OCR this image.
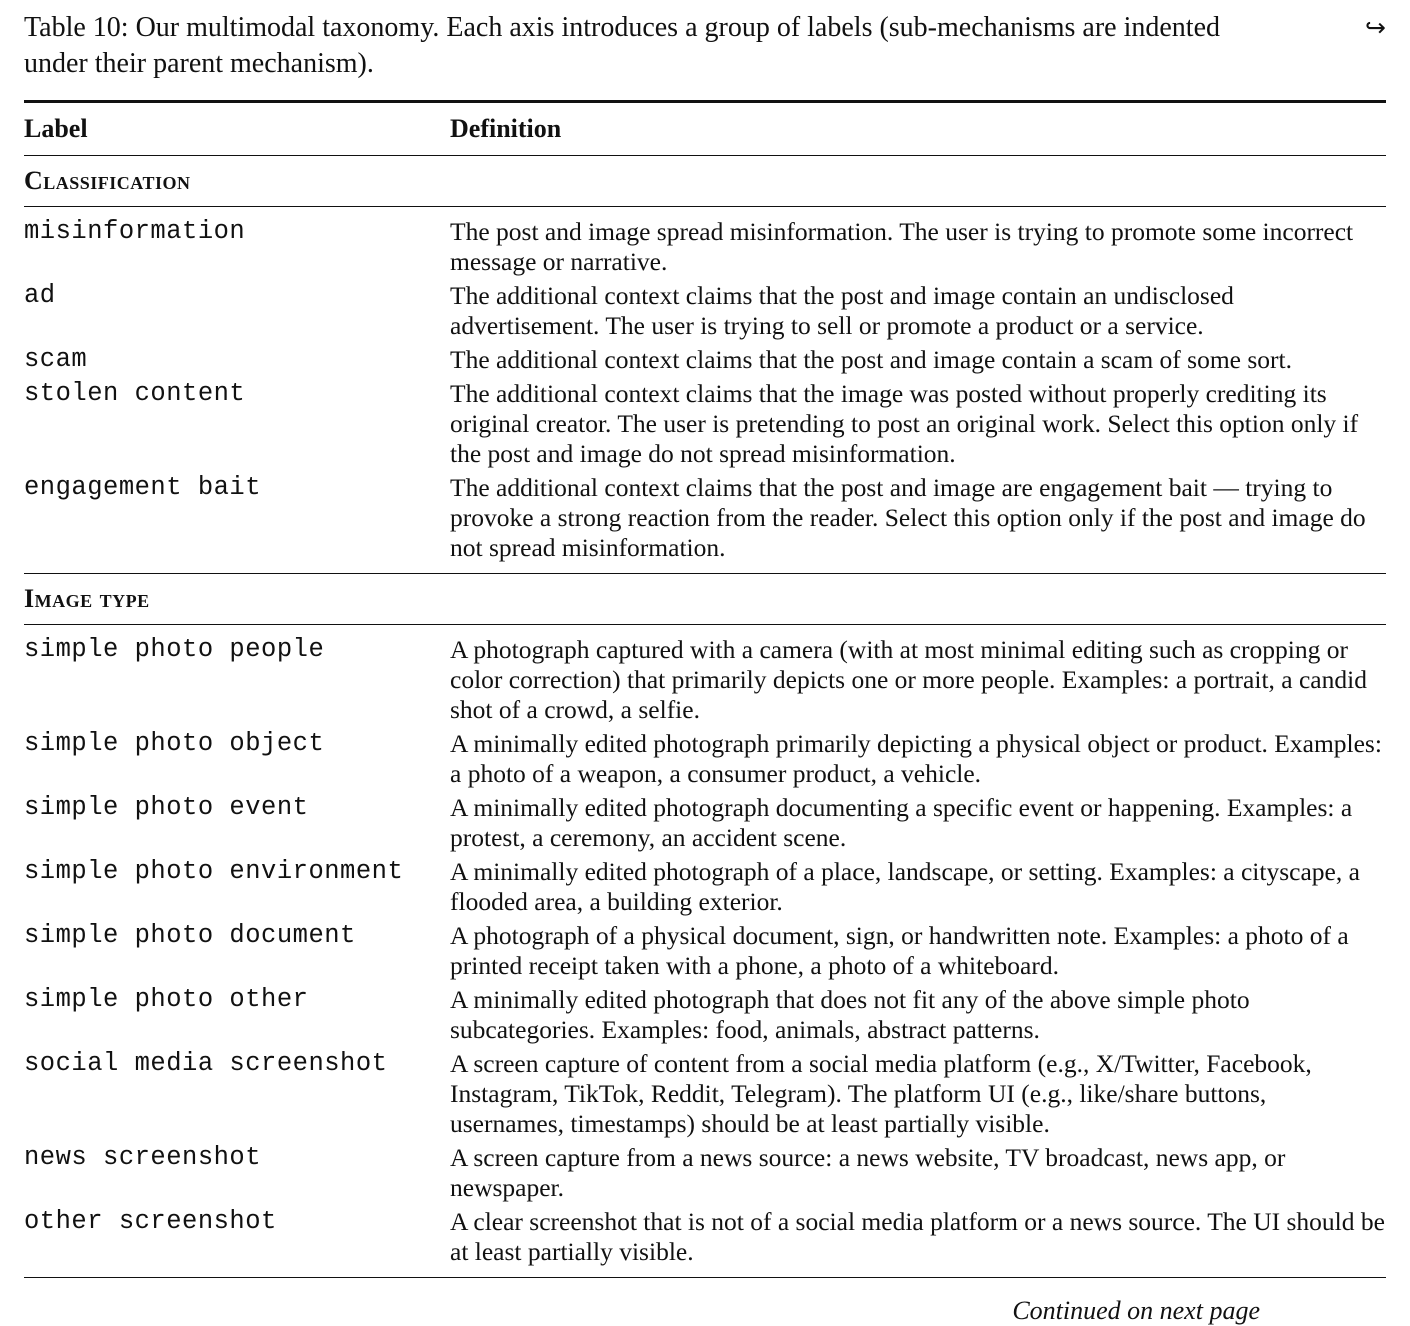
Table 10: Our multimodal taxonomy. Each axis introduces a group of labels (sub-mechanisms are indented
under their parent mechanism).
↪
Label	Definition
Classification	
misinformation	The post and image spread misinformation. The user is trying to promote some incorrect message or narrative.
ad	The additional context claims that the post and image contain an undisclosed advertisement. The user is trying to sell or promote a product or a service.
scam	The additional context claims that the post and image contain a scam of some sort.
stolen content	The additional context claims that the image was posted without properly crediting its original creator. The user is pretending to post an original work. Select this option only if the post and image do not spread misinformation.
engagement bait	The additional context claims that the post and image are engagement bait — trying to provoke a strong reaction from the reader. Select this option only if the post and image do not spread misinformation.
Image type	
simple photo people	A photograph captured with a camera (with at most minimal editing such as cropping or color correction) that primarily depicts one or more people. Examples: a portrait, a candid shot of a crowd, a selfie.
simple photo object	A minimally edited photograph primarily depicting a physical object or product. Examples: a photo of a weapon, a consumer product, a vehicle.
simple photo event	A minimally edited photograph documenting a specific event or happening. Examples: a protest, a ceremony, an accident scene.
simple photo environment	A minimally edited photograph of a place, landscape, or setting. Examples: a cityscape, a flooded area, a building exterior.
simple photo document	A photograph of a physical document, sign, or handwritten note. Examples: a photo of a printed receipt taken with a phone, a photo of a whiteboard.
simple photo other	A minimally edited photograph that does not fit any of the above simple photo subcategories. Examples: food, animals, abstract patterns.
social media screenshot	A screen capture of content from a social media platform (e.g., X/Twitter, Facebook, Instagram, TikTok, Reddit, Telegram). The platform UI (e.g., like/share buttons, usernames, timestamps) should be at least partially visible.
news screenshot	A screen capture from a news source: a news website, TV broadcast, news app, or newspaper.
other screenshot	A clear screenshot that is not of a social media platform or a news source. The UI should be at least partially visible.
Continued on next page
